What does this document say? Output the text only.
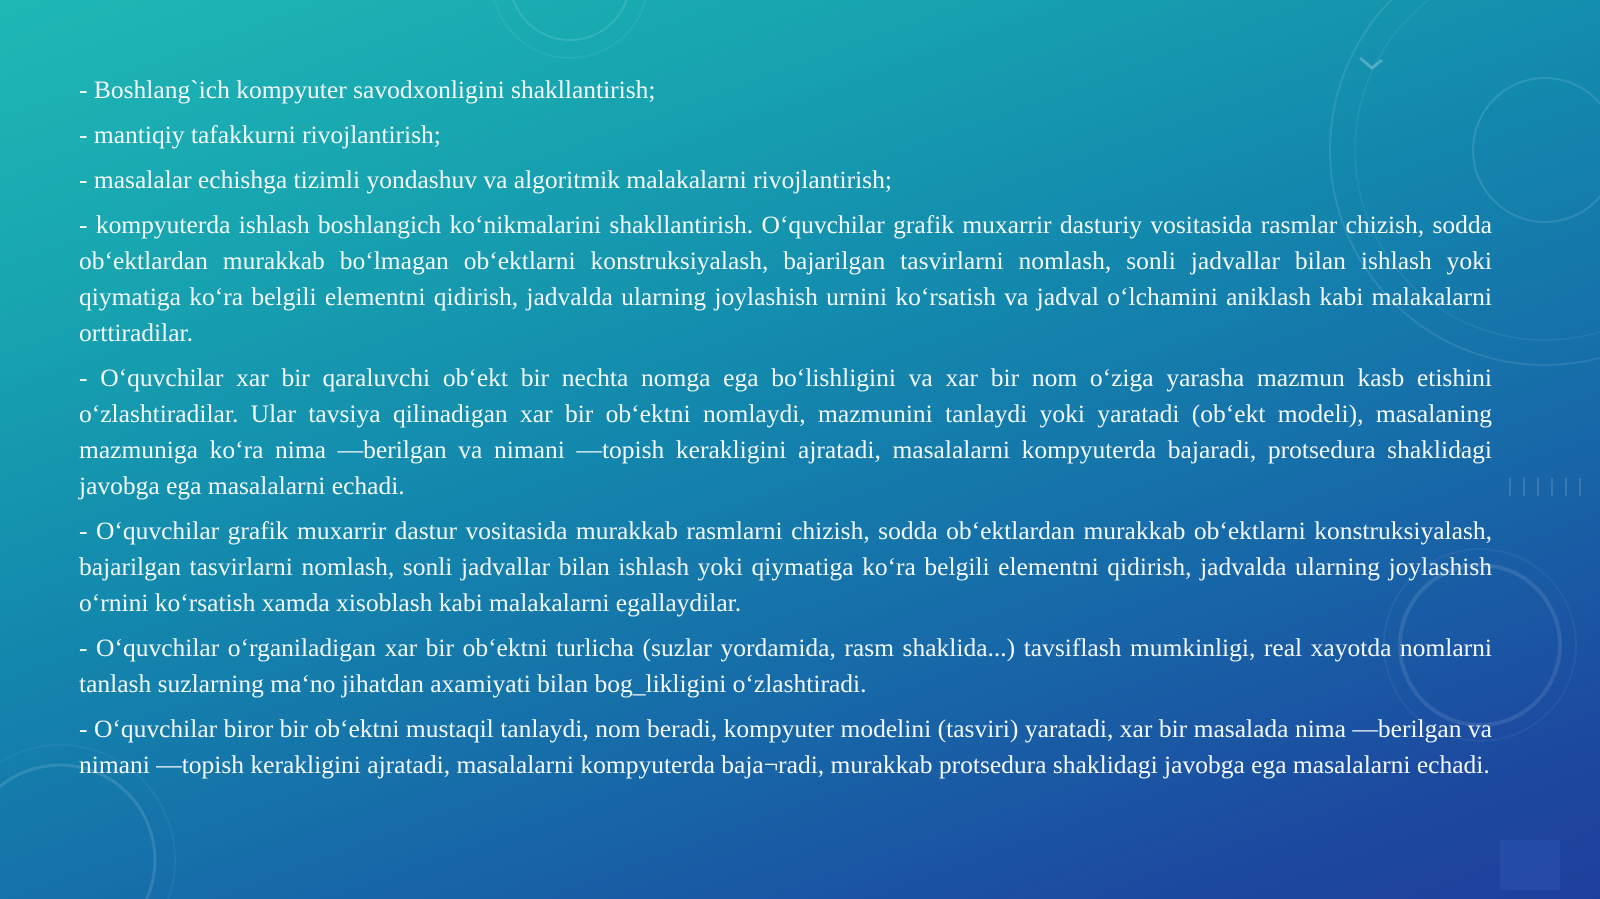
- Boshlang`ich kompyuter savodxonligini shakllantirish;

- mantiqiy tafakkurni rivojlantirish;

- masalalar echishga tizimli yondashuv va algoritmik malakalarni rivojlantirish;

- kompyuterda ishlash boshlangich koʻnikmalarini shakllantirish. Oʻquvchilar grafik muxarrir dasturiy vositasida rasmlar chizish, sodda obʻektlardan murakkab boʻlmagan obʻektlarni konstruksiyalash, bajarilgan tasvirlarni nomlash, sonli jadvallar bilan ishlash yoki qiymatiga koʻra belgili elementni qidirish, jadvalda ularning joylashish urnini koʻrsatish va jadval oʻlchamini aniklash kabi malakalarni orttiradilar.

- Oʻquvchilar xar bir qaraluvchi obʻekt bir nechta nomga ega boʻlishligini va xar bir nom oʻziga yarasha mazmun kasb etishini oʻzlashtiradilar. Ular tavsiya qilinadigan xar bir obʻektni nomlaydi, mazmunini tanlaydi yoki yaratadi (obʻekt modeli), masalaning mazmuniga koʻra nima —berilgan va nimani —topish kerakligini ajratadi, masalalarni kompyuterda bajaradi, protsedura shaklidagi javobga ega masalalarni echadi.

- Oʻquvchilar grafik muxarrir dastur vositasida murakkab rasmlarni chizish, sodda obʻektlardan murakkab obʻektlarni konstruksiyalash, bajarilgan tasvirlarni nomlash, sonli jadvallar bilan ishlash yoki qiymatiga koʻra belgili elementni qidirish, jadvalda ularning joylashish oʻrnini koʻrsatish xamda xisoblash kabi malakalarni egallaydilar.

- Oʻquvchilar oʻrganiladigan xar bir obʻektni turlicha (suzlar yordamida, rasm shaklida...) tavsiflash mumkinligi, real xayotda nomlarni tanlash suzlarning maʻno jihatdan axamiyati bilan bog_likligini oʻzlashtiradi.

- Oʻquvchilar biror bir obʻektni mustaqil tanlaydi, nom beradi, kompyuter modelini (tasviri) yaratadi, xar bir masalada nima —berilgan va nimani —topish kerakligini ajratadi, masalalarni kompyuterda baja¬radi, murakkab protsedura shaklidagi javobga ega masalalarni echadi.
